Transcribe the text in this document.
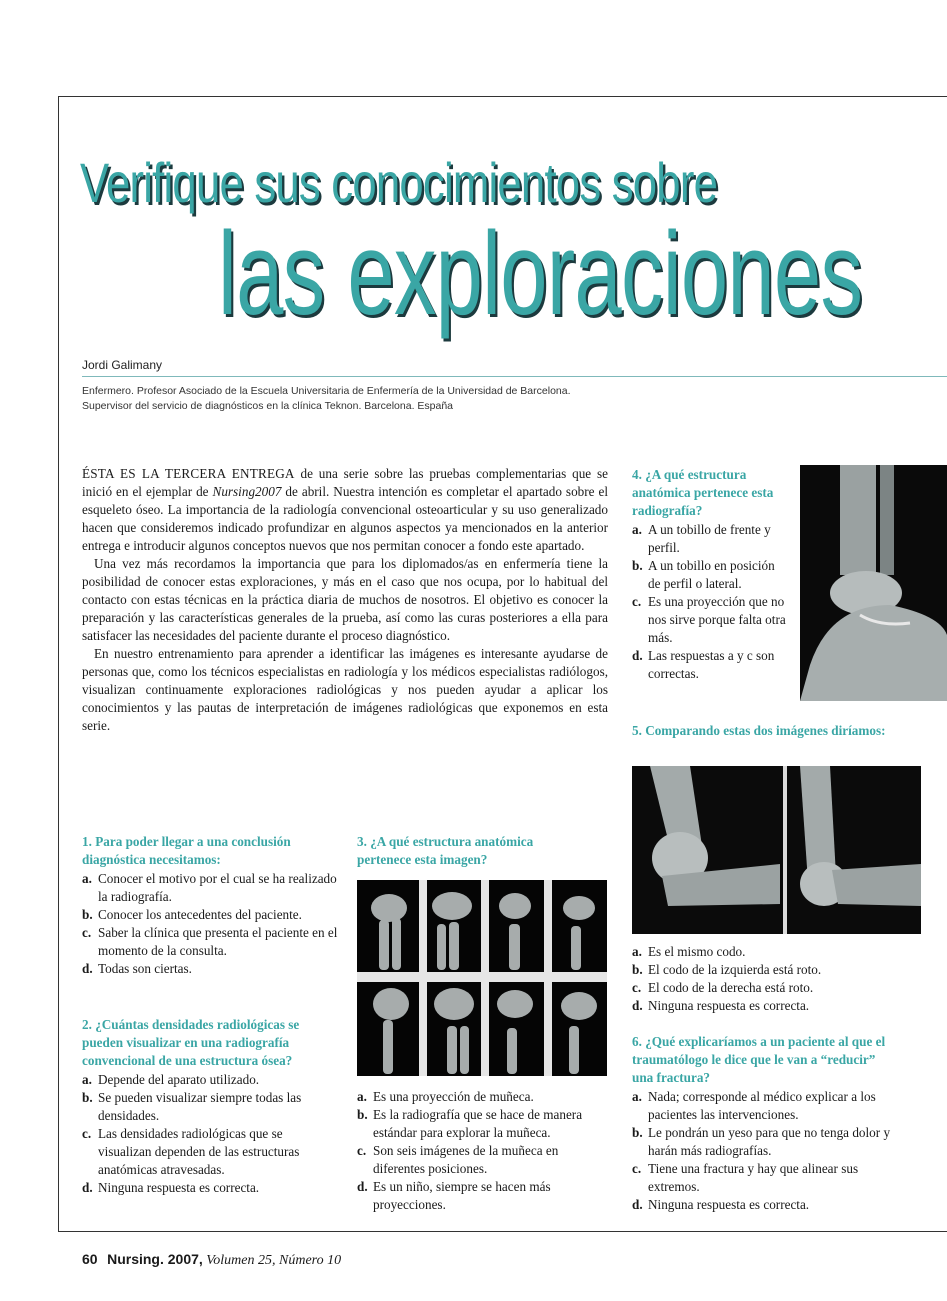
Verifique sus conocimientos sobre
las exploraciones
Jordi Galimany

Enfermero. Profesor Asociado de la Escuela Universitaria de Enfermería de la Universidad de Barcelona.

Supervisor del servicio de diagnósticos en la clínica Teknon. Barcelona. España

ÉSTA ES LA TERCERA ENTREGA de una serie sobre las pruebas complementarias que se inició en el ejemplar de Nursing2007 de abril. Nuestra intención es completar el apartado sobre el esqueleto óseo. La importancia de la radiología convencional osteoarticular y su uso generalizado hacen que consideremos indicado profundizar en algunos aspectos ya mencionados en la anterior entrega e introducir algunos conceptos nuevos que nos permitan conocer a fondo este apartado.

Una vez más recordamos la importancia que para los diplomados/as en enfermería tiene la posibilidad de conocer estas exploraciones, y más en el caso que nos ocupa, por lo habitual del contacto con estas técnicas en la práctica diaria de muchos de nosotros. El objetivo es conocer la preparación y las características generales de la prueba, así como las curas posteriores a ella para satisfacer las necesidades del paciente durante el proceso diagnóstico.

En nuestro entrenamiento para aprender a identificar las imágenes es interesante ayudarse de personas que, como los técnicos especialistas en radiología y los médicos especialistas radiólogos, visualizan continuamente exploraciones radiológicas y nos pueden ayudar a aplicar los conocimientos y las pautas de interpretación de imágenes radiológicas que exponemos en esta serie.

1. Para poder llegar a una conclusión diagnóstica necesitamos:

a. Conocer el motivo por el cual se ha realizado la radiografía.
b. Conocer los antecedentes del paciente.
c. Saber la clínica que presenta el paciente en el momento de la consulta.
d. Todas son ciertas.

2. ¿Cuántas densidades radiológicas se pueden visualizar en una radiografía convencional de una estructura ósea?

a. Depende del aparato utilizado.
b. Se pueden visualizar siempre todas las densidades.
c. Las densidades radiológicas que se visualizan dependen de las estructuras anatómicas atravesadas.
d. Ninguna respuesta es correcta.

3. ¿A qué estructura anatómica pertenece esta imagen?

a. Es una proyección de muñeca.
b. Es la radiografía que se hace de manera estándar para explorar la muñeca.
c. Son seis imágenes de la muñeca en diferentes posiciones.
d. Es un niño, siempre se hacen más proyecciones.

4. ¿A qué estructura anatómica pertenece esta radiografía?

a. A un tobillo de frente y perfil.
b. A un tobillo en posición de perfil o lateral.
c. Es una proyección que no nos sirve porque falta otra más.
d. Las respuestas a y c son correctas.

5. Comparando estas dos imágenes diríamos:

a. Es el mismo codo.
b. El codo de la izquierda está roto.
c. El codo de la derecha está roto.
d. Ninguna respuesta es correcta.

6. ¿Qué explicaríamos a un paciente al que el traumatólogo le dice que le van a “reducir” una fractura?

a. Nada; corresponde al médico explicar a los pacientes las intervenciones.
b. Le pondrán un yeso para que no tenga dolor y harán más radiografías.
c. Tiene una fractura y hay que alinear sus extremos.
d. Ninguna respuesta es correcta.
60 Nursing. 2007, Volumen 25, Número 10
